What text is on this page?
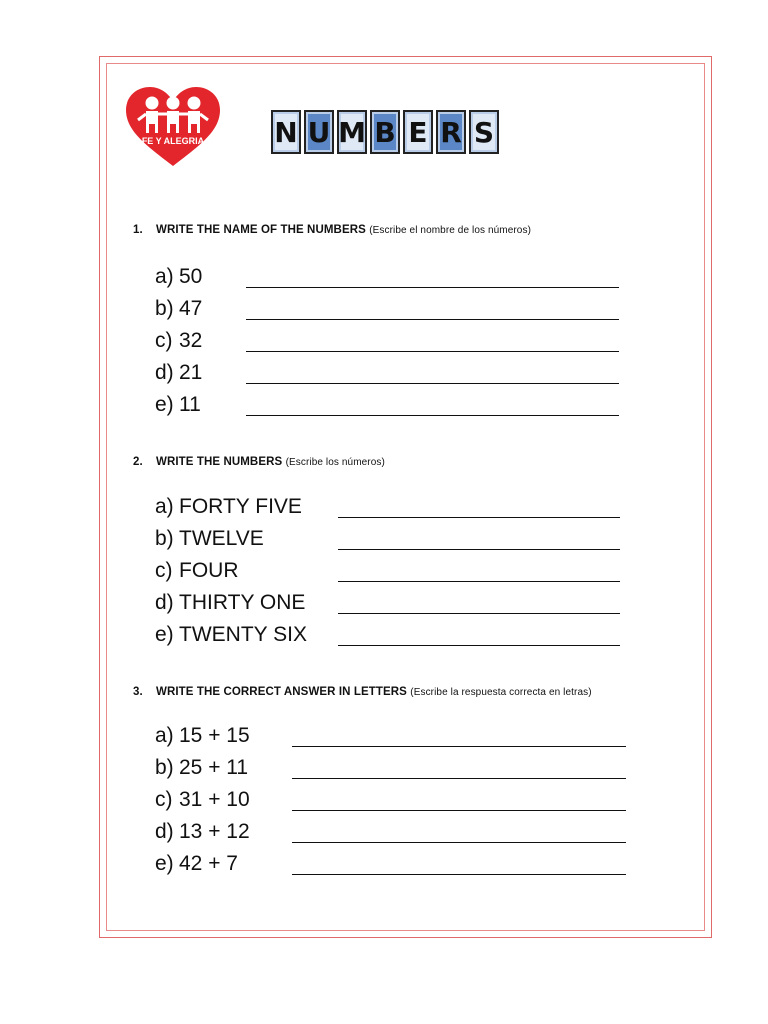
FE Y ALEGRIA	N U M B E R S
1. WRITE THE NAME OF THE NUMBERS (Escribe el nombre de los números)
a) 50
b) 47
c) 32
d) 21
e) 11
2. WRITE THE NUMBERS (Escribe los números)
a) FORTY FIVE
b) TWELVE
c) FOUR
d) THIRTY ONE
e) TWENTY SIX
3. WRITE THE CORRECT ANSWER IN LETTERS (Escribe la respuesta correcta en letras)
a) 15 + 15
b) 25 + 11
c) 31 + 10
d) 13 + 12
e) 42 + 7
